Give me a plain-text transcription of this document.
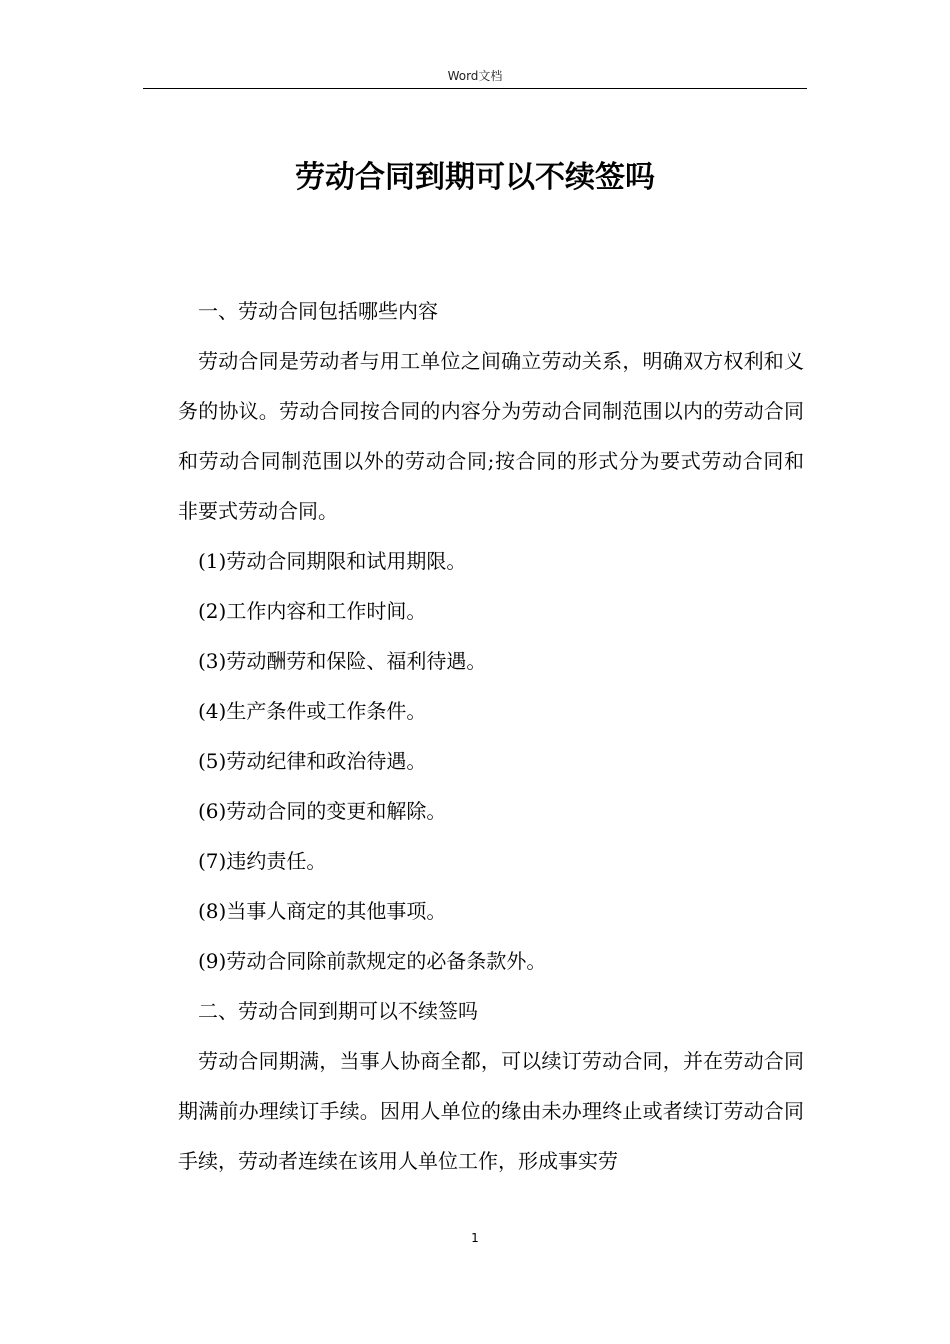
Word文档
劳动合同到期可以不续签吗

一、劳动合同包括哪些内容

劳动合同是劳动者与用工单位之间确立劳动关系，明确双方权利和义务的协议。劳动合同按合同的内容分为劳动合同制范围以内的劳动合同和劳动合同制范围以外的劳动合同;按合同的形式分为要式劳动合同和非要式劳动合同。

(1)劳动合同期限和试用期限。

(2)工作内容和工作时间。

(3)劳动酬劳和保险、福利待遇。

(4)生产条件或工作条件。

(5)劳动纪律和政治待遇。

(6)劳动合同的变更和解除。

(7)违约责任。

(8)当事人商定的其他事项。

(9)劳动合同除前款规定的必备条款外。

二、劳动合同到期可以不续签吗

劳动合同期满，当事人协商全都，可以续订劳动合同，并在劳动合同期满前办理续订手续。因用人单位的缘由未办理终止或者续订劳动合同手续，劳动者连续在该用人单位工作，形成事实劳

1
